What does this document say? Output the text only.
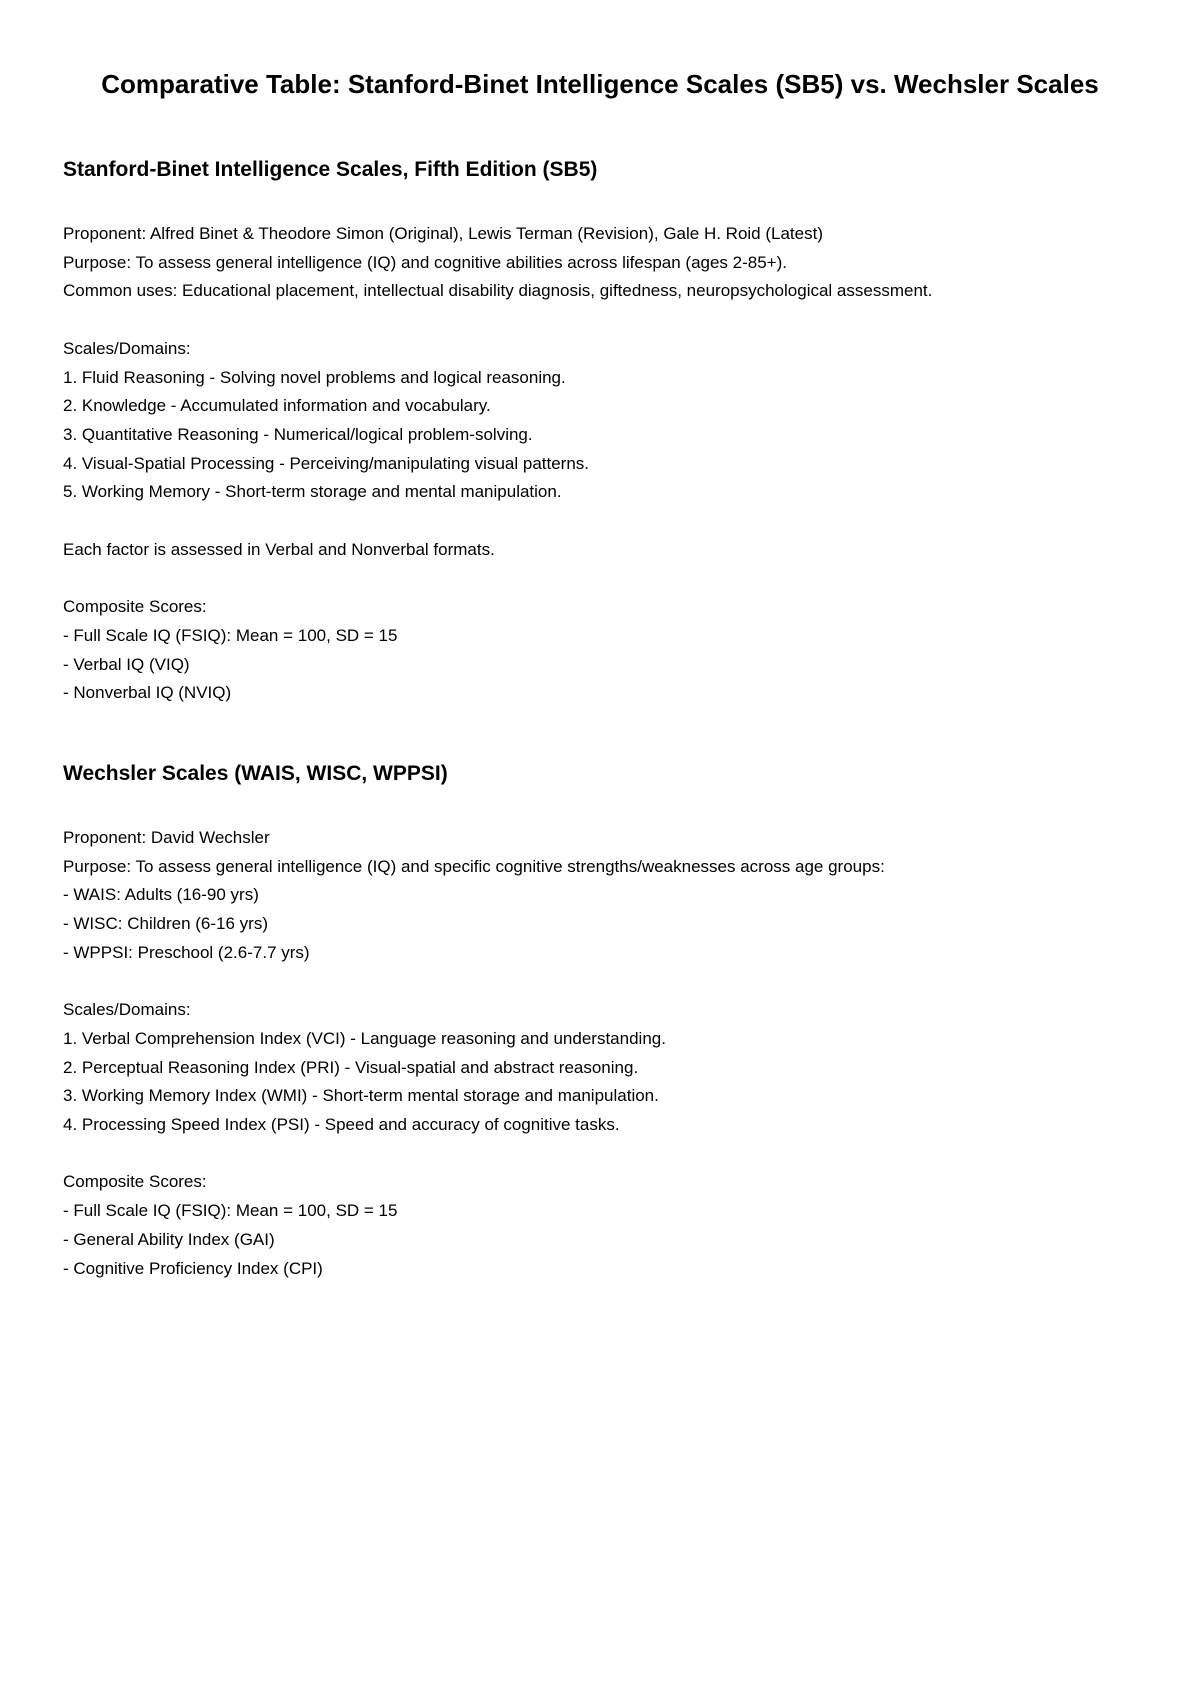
Comparative Table: Stanford-Binet Intelligence Scales (SB5) vs. Wechsler Scales
Stanford-Binet Intelligence Scales, Fifth Edition (SB5)

Proponent: Alfred Binet & Theodore Simon (Original), Lewis Terman (Revision), Gale H. Roid (Latest)

Purpose: To assess general intelligence (IQ) and cognitive abilities across lifespan (ages 2-85+).

Common uses: Educational placement, intellectual disability diagnosis, giftedness, neuropsychological assessment.

Scales/Domains:

1. Fluid Reasoning - Solving novel problems and logical reasoning.

2. Knowledge - Accumulated information and vocabulary.

3. Quantitative Reasoning - Numerical/logical problem-solving.

4. Visual-Spatial Processing - Perceiving/manipulating visual patterns.

5. Working Memory - Short-term storage and mental manipulation.

Each factor is assessed in Verbal and Nonverbal formats.

Composite Scores:

- Full Scale IQ (FSIQ): Mean = 100, SD = 15

- Verbal IQ (VIQ)

- Nonverbal IQ (NVIQ)

Wechsler Scales (WAIS, WISC, WPPSI)

Proponent: David Wechsler

Purpose: To assess general intelligence (IQ) and specific cognitive strengths/weaknesses across age groups:

- WAIS: Adults (16-90 yrs)

- WISC: Children (6-16 yrs)

- WPPSI: Preschool (2.6-7.7 yrs)

Scales/Domains:

1. Verbal Comprehension Index (VCI) - Language reasoning and understanding.

2. Perceptual Reasoning Index (PRI) - Visual-spatial and abstract reasoning.

3. Working Memory Index (WMI) - Short-term mental storage and manipulation.

4. Processing Speed Index (PSI) - Speed and accuracy of cognitive tasks.

Composite Scores:

- Full Scale IQ (FSIQ): Mean = 100, SD = 15

- General Ability Index (GAI)

- Cognitive Proficiency Index (CPI)
